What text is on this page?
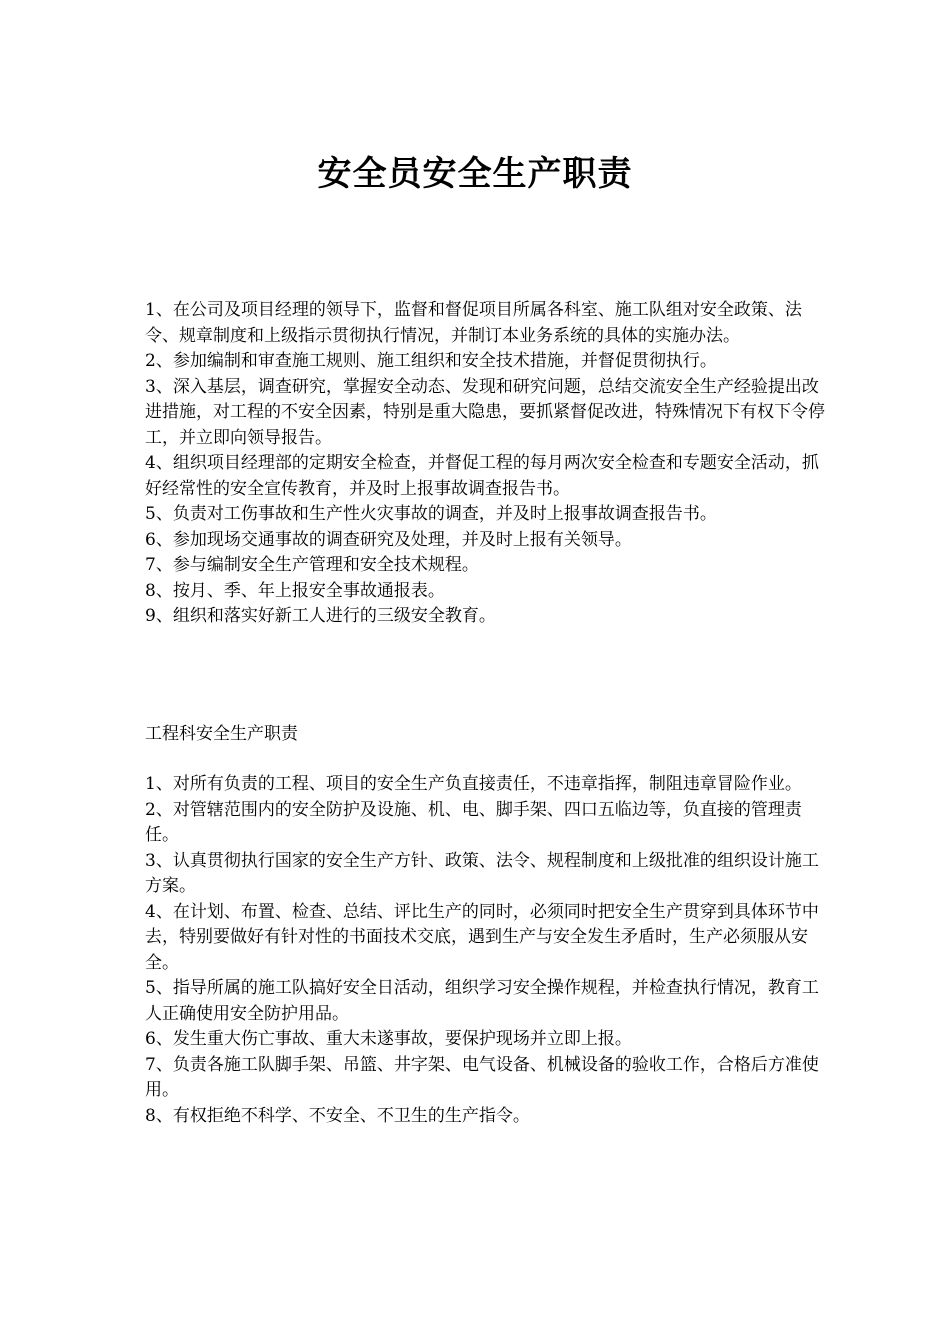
安全员安全生产职责

1、在公司及项目经理的领导下，监督和督促项目所属各科室、施工队组对安全政策、法令、规章制度和上级指示贯彻执行情况，并制订本业务系统的具体的实施办法。

2、参加编制和审查施工规则、施工组织和安全技术措施，并督促贯彻执行。

3、深入基层，调查研究，掌握安全动态、发现和研究问题，总结交流安全生产经验提出改进措施，对工程的不安全因素，特别是重大隐患，要抓紧督促改进，特殊情况下有权下令停工，并立即向领导报告。

4、组织项目经理部的定期安全检查，并督促工程的每月两次安全检查和专题安全活动，抓好经常性的安全宣传教育，并及时上报事故调查报告书。

5、负责对工伤事故和生产性火灾事故的调查，并及时上报事故调查报告书。

6、参加现场交通事故的调查研究及处理，并及时上报有关领导。

7、参与编制安全生产管理和安全技术规程。

8、按月、季、年上报安全事故通报表。

9、组织和落实好新工人进行的三级安全教育。

工程科安全生产职责

1、对所有负责的工程、项目的安全生产负直接责任，不违章指挥，制阻违章冒险作业。

2、对管辖范围内的安全防护及设施、机、电、脚手架、四口五临边等，负直接的管理责任。

3、认真贯彻执行国家的安全生产方针、政策、法令、规程制度和上级批准的组织设计施工方案。

4、在计划、布置、检查、总结、评比生产的同时，必须同时把安全生产贯穿到具体环节中去，特别要做好有针对性的书面技术交底，遇到生产与安全发生矛盾时，生产必须服从安全。

5、指导所属的施工队搞好安全日活动，组织学习安全操作规程，并检查执行情况，教育工人正确使用安全防护用品。

6、发生重大伤亡事故、重大未遂事故，要保护现场并立即上报。

7、负责各施工队脚手架、吊篮、井字架、电气设备、机械设备的验收工作，合格后方准使用。

8、有权拒绝不科学、不安全、不卫生的生产指令。
